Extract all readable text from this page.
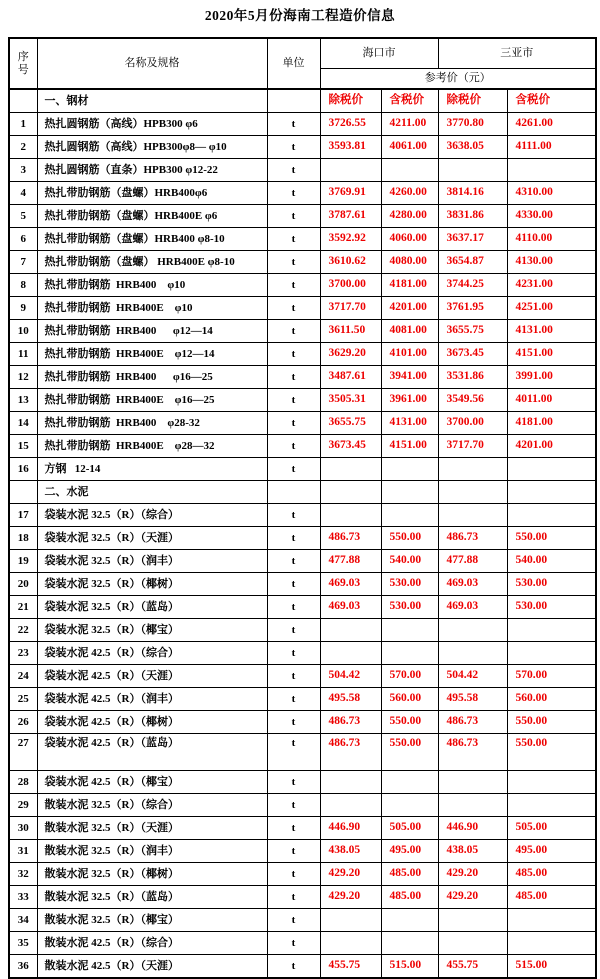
2020年5月份海南工程造价信息
序号	名称及规格	单位	海口市		三亚市	
			参考价（元）			
	一、钢材		除税价	含税价	除税价	含税价
1	热扎圆钢筋（高线）HPB300 φ6	t	3726.55	4211.00	3770.80	4261.00
2	热扎圆钢筋（高线）HPB300φ8— φ10	t	3593.81	4061.00	3638.05	4111.00
3	热扎圆钢筋（直条）HPB300 φ12-22	t				
4	热扎带肋钢筋（盘螺）HRB400φ6	t	3769.91	4260.00	3814.16	4310.00
5	热扎带肋钢筋（盘螺）HRB400E φ6	t	3787.61	4280.00	3831.86	4330.00
6	热扎带肋钢筋（盘螺）HRB400 φ8-10	t	3592.92	4060.00	3637.17	4110.00
7	热扎带肋钢筋（盘螺） HRB400E φ8-10	t	3610.62	4080.00	3654.87	4130.00
8	热扎带肋钢筋  HRB400    φ10	t	3700.00	4181.00	3744.25	4231.00
9	热扎带肋钢筋  HRB400E    φ10	t	3717.70	4201.00	3761.95	4251.00
10	热扎带肋钢筋  HRB400      φ12—14	t	3611.50	4081.00	3655.75	4131.00
11	热扎带肋钢筋  HRB400E    φ12—14	t	3629.20	4101.00	3673.45	4151.00
12	热扎带肋钢筋  HRB400      φ16—25	t	3487.61	3941.00	3531.86	3991.00
13	热扎带肋钢筋  HRB400E    φ16—25	t	3505.31	3961.00	3549.56	4011.00
14	热扎带肋钢筋  HRB400    φ28-32	t	3655.75	4131.00	3700.00	4181.00
15	热扎带肋钢筋  HRB400E    φ28—32	t	3673.45	4151.00	3717.70	4201.00
16	方钢   12-14	t				
	二、水泥					
17	袋装水泥 32.5（R）（综合）	t				
18	袋装水泥 32.5（R）（天涯）	t	486.73	550.00	486.73	550.00
19	袋装水泥 32.5（R）（润丰）	t	477.88	540.00	477.88	540.00
20	袋装水泥 32.5（R）（椰树）	t	469.03	530.00	469.03	530.00
21	袋装水泥 32.5（R）（蓝岛）	t	469.03	530.00	469.03	530.00
22	袋装水泥 32.5（R）（椰宝）	t				
23	袋装水泥 42.5（R）（综合）	t				
24	袋装水泥 42.5（R）（天涯）	t	504.42	570.00	504.42	570.00
25	袋装水泥 42.5（R）（润丰）	t	495.58	560.00	495.58	560.00
26	袋装水泥 42.5（R）（椰树）	t	486.73	550.00	486.73	550.00
27	袋装水泥 42.5（R）（蓝岛）	t	486.73	550.00	486.73	550.00
28	袋装水泥 42.5（R）（椰宝）	t				
29	散装水泥 32.5（R）（综合）	t				
30	散装水泥 32.5（R）（天涯）	t	446.90	505.00	446.90	505.00
31	散装水泥 32.5（R）（润丰）	t	438.05	495.00	438.05	495.00
32	散装水泥 32.5（R）（椰树）	t	429.20	485.00	429.20	485.00
33	散装水泥 32.5（R）（蓝岛）	t	429.20	485.00	429.20	485.00
34	散装水泥 32.5（R）（椰宝）	t				
35	散装水泥 42.5（R）（综合）	t				
36	散装水泥 42.5（R）（天涯）	t	455.75	515.00	455.75	515.00
